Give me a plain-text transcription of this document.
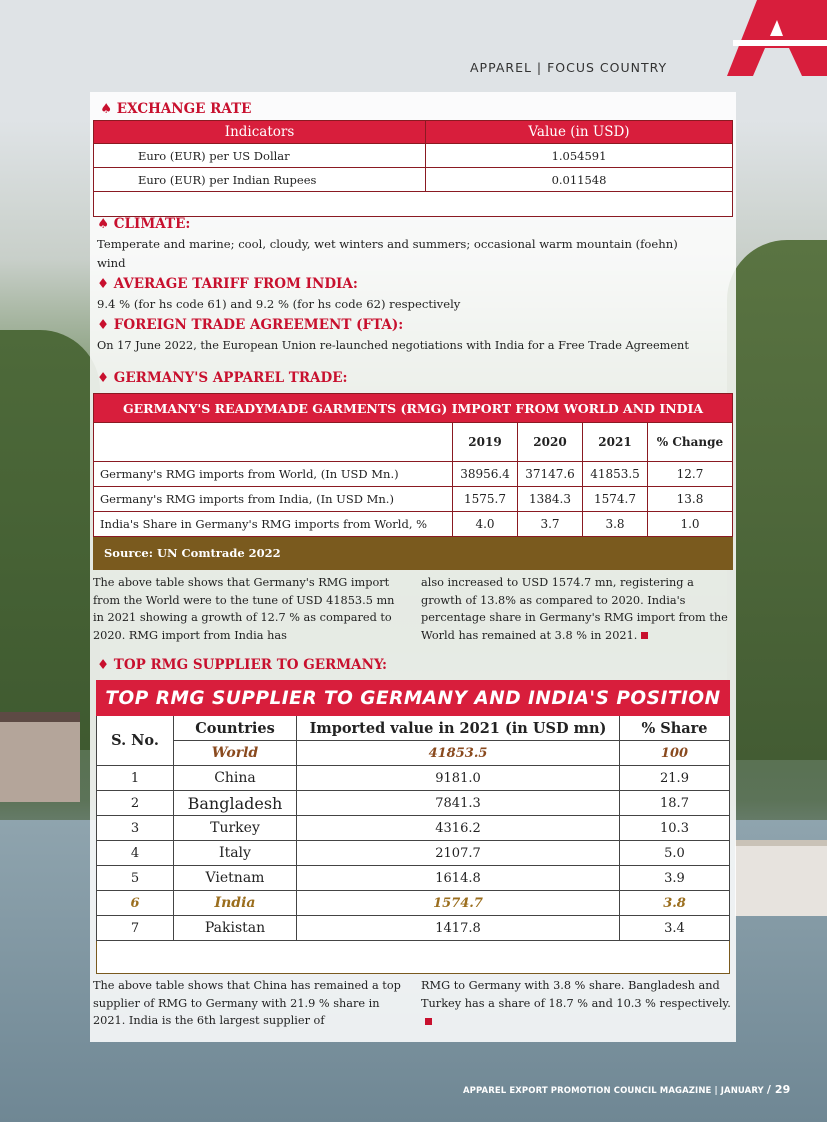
APPAREL | FOCUS COUNTRY
♠ EXCHANGE RATE
Indicators	Value (in USD)
Euro (EUR) per US Dollar	1.054591
Euro (EUR) per Indian Rupees	0.011548
Source: X-Rates 2022 (December 2022 average	
♠ CLIMATE:
Temperate and marine; cool, cloudy, wet winters and summers; occasional warm mountain (foehn) wind
♦ AVERAGE TARIFF FROM INDIA:
9.4 % (for hs code 61) and 9.2 % (for hs code 62) respectively
♦ FOREIGN TRADE AGREEMENT (FTA):
On 17 June 2022, the European Union re-launched negotiations with India for a Free Trade Agreement
♦ GERMANY'S APPAREL TRADE:
GERMANY'S READYMADE GARMENTS (RMG) IMPORT FROM WORLD AND INDIA				
	2019	2020	2021	% Change
Germany's RMG imports from World, (In USD Mn.)	38956.4	37147.6	41853.5	12.7
Germany's RMG imports from India, (In USD Mn.)	1575.7	1384.3	1574.7	13.8
India's Share in Germany's RMG imports from World, %	4.0	3.7	3.8	1.0
Source: UN Comtrade 2022				
The above table shows that Germany's RMG import from the World were to the tune of USD 41853.5 mn in 2021 showing a growth of 12.7 % as compared to 2020. RMG import from India has
also increased to USD 1574.7 mn, registering a growth of 13.8% as compared to 2020. India's percentage share in Germany's RMG import from the World has remained at 3.8 % in 2021.
♦ TOP RMG SUPPLIER TO GERMANY:
TOP RMG SUPPLIER TO GERMANY AND INDIA'S POSITION			
S. No.	Countries	Imported value in 2021 (in USD mn)	% Share
	World	41853.5	100
1	China	9181.0	21.9
2	Bangladesh	7841.3	18.7
3	Turkey	4316.2	10.3
4	Italy	2107.7	5.0
5	Vietnam	1614.8	3.9
6	India	1574.7	3.8
7	Pakistan	1417.8	3.4
Source: UN Comtrade, 2022			
The above table shows that China has remained a top supplier of RMG to Germany with 21.9 % share in 2021. India is the 6th largest supplier of
RMG to Germany with 3.8 % share. Bangladesh and Turkey has a share of 18.7 % and 10.3 % respectively.
APPAREL EXPORT PROMOTION COUNCIL MAGAZINE | JANUARY / 29
